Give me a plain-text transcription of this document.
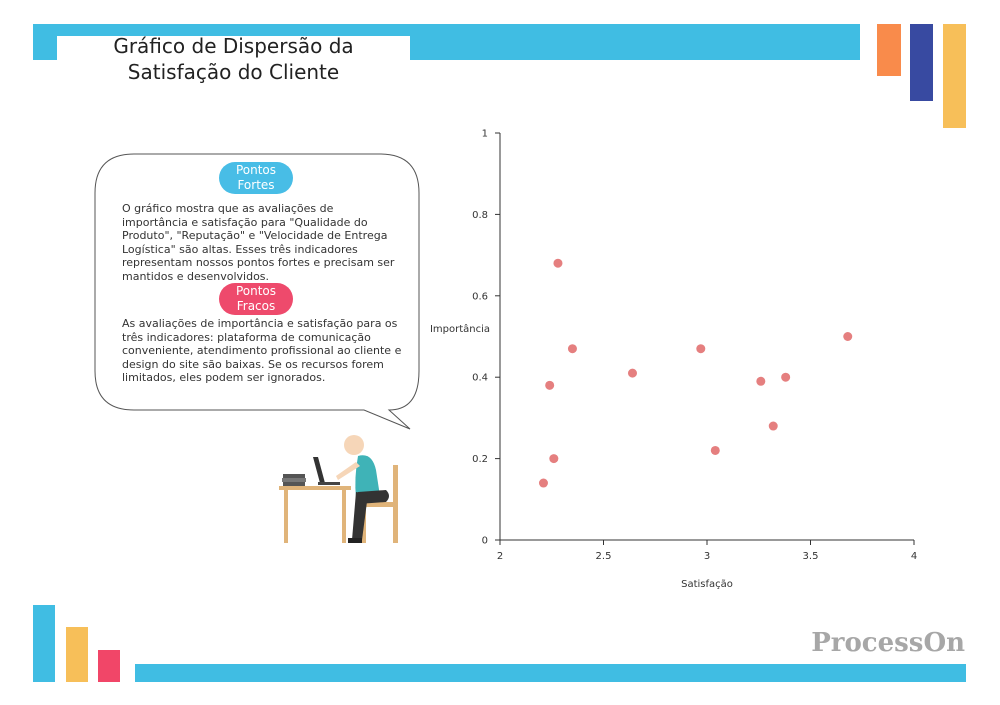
Gráfico de Dispersão da Satisfação do Cliente
Pontos Fortes

O gráfico mostra que as avaliações de importância e satisfação para "Qualidade do Produto", "Reputação" e "Velocidade de Entrega Logística" são altas. Esses três indicadores representam nossos pontos fortes e precisam ser mantidos e desenvolvidos.

Pontos Fracos

As avaliações de importância e satisfação para os três indicadores: plataforma de comunicação conveniente, atendimento profissional ao cliente e design do site são baixas. Se os recursos forem limitados, eles podem ser ignorados.

2	2.5	3	3.5	4
0
0.2
0.4
0.6
0.8
1
Satisfação
Importância
ProcessOn
